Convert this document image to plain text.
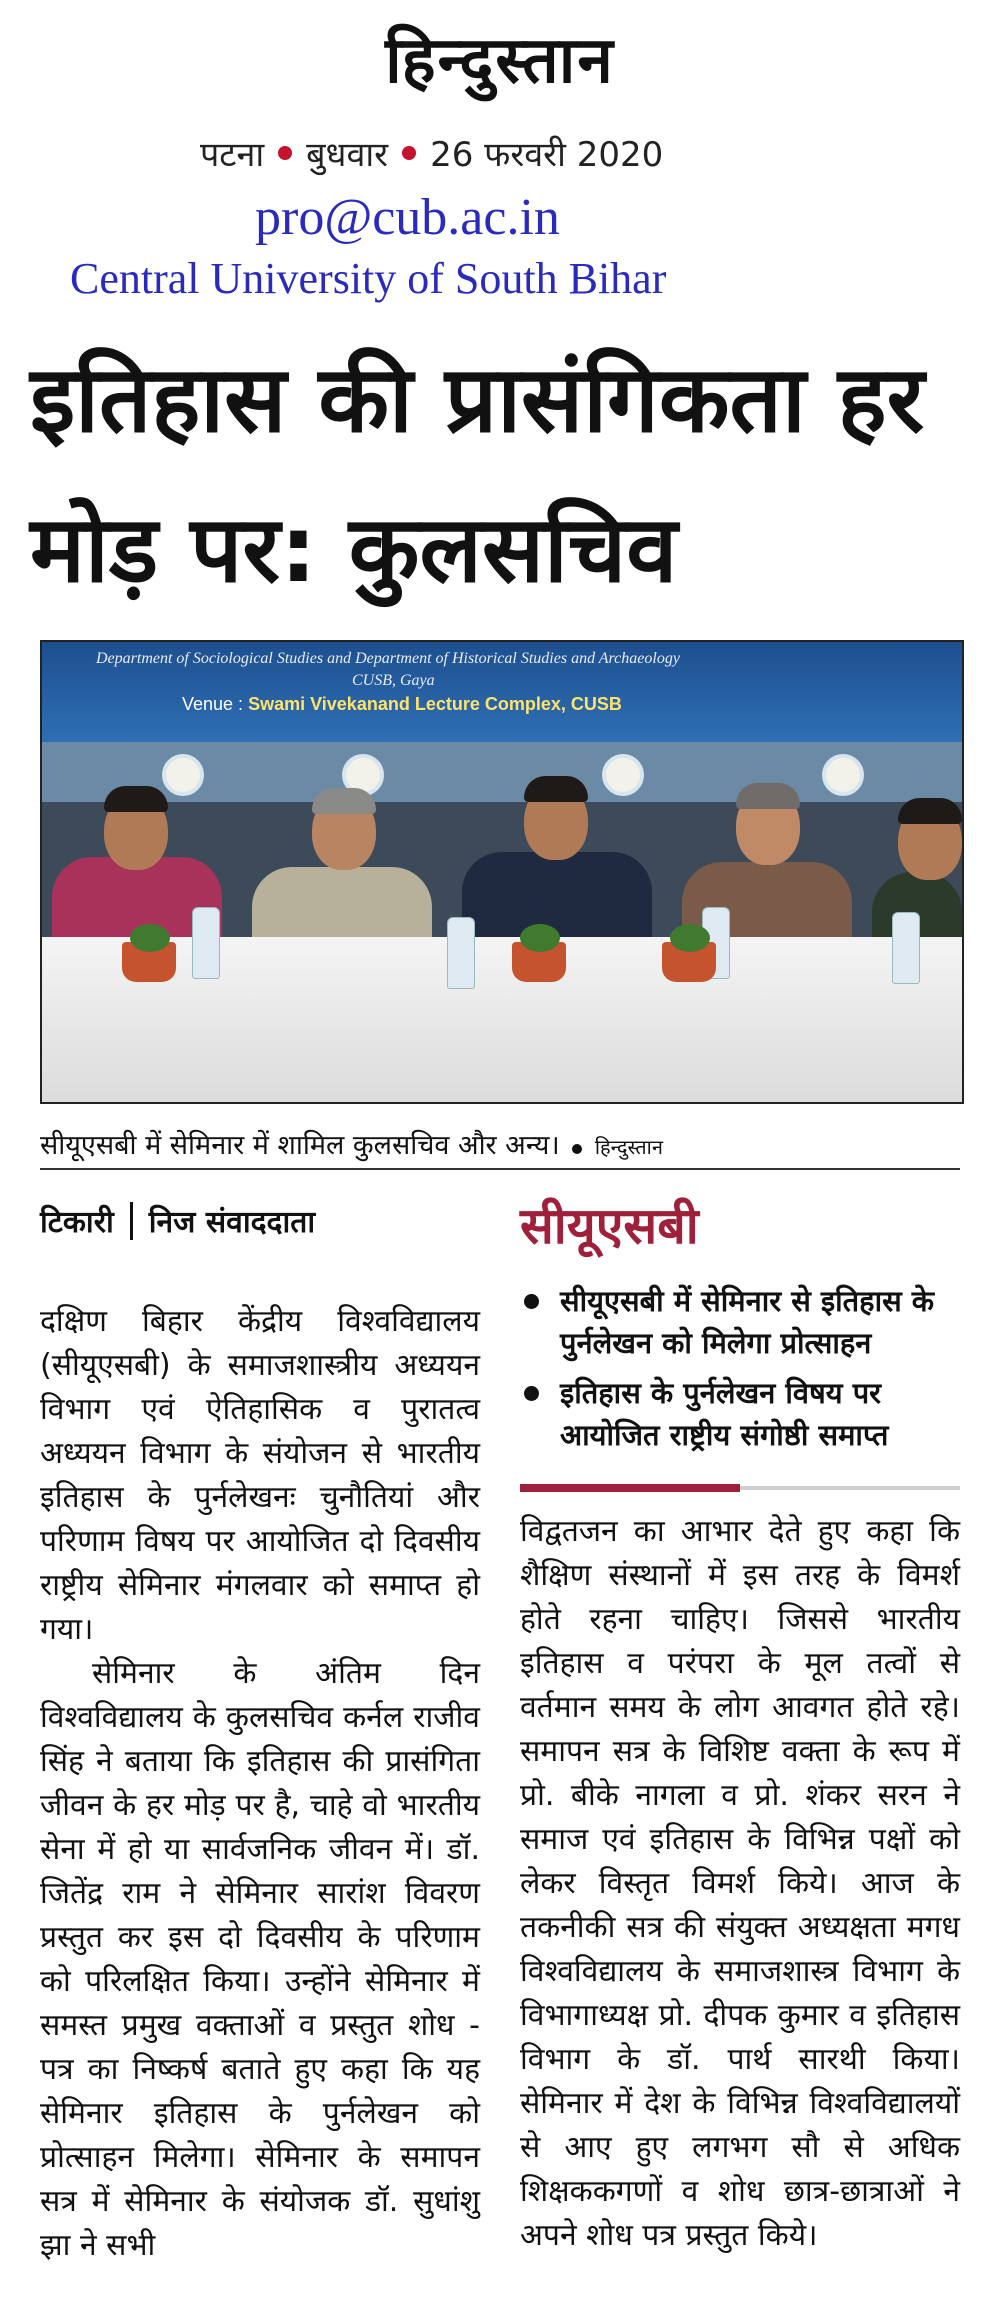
हिन्दुस्तान
पटना बुधवार 26 फरवरी 2020
pro@cub.ac.in
Central University of South Bihar
इतिहास की प्रासंगिकता हर मोड़ पर: कुलसचिव
Department of Sociological Studies and Department of Historical Studies and Archaeology
CUSB, Gaya
Venue : Swami Vivekanand Lecture Complex, CUSB
सीयूएसबी में सेमिनार में शामिल कुलसचिव और अन्य। हिन्दुस्तान
टिकारी निज संवाददाता	सीयूएसबी
सीयूएसबी में सेमिनार से इतिहास के पुर्नलेखन को मिलेगा प्रोत्साहन
इतिहास के पुर्नलेखन विषय पर आयोजित राष्ट्रीय संगोष्ठी समाप्त

दक्षिण बिहार केंद्रीय विश्वविद्यालय (सीयूएसबी) के समाजशास्त्रीय अध्ययन विभाग एवं ऐतिहासिक व पुरातत्व अध्ययन विभाग के संयोजन से भारतीय इतिहास के पुर्नलेखनः चुनौतियां और परिणाम विषय पर आयोजित दो दिवसीय राष्ट्रीय सेमिनार मंगलवार को समाप्त हो गया।

सेमिनार के अंतिम दिन विश्वविद्यालय के कुलसचिव कर्नल राजीव सिंह ने बताया कि इतिहास की प्रासंगिता जीवन के हर मोड़ पर है, चाहे वो भारतीय सेना में हो या सार्वजनिक जीवन में। डॉ. जितेंद्र राम ने सेमिनार सारांश विवरण प्रस्तुत कर इस दो दिवसीय के परिणाम को परिलक्षित किया। उन्होंने सेमिनार में समस्त प्रमुख वक्ताओं व प्रस्तुत शोध - पत्र का निष्कर्ष बताते हुए कहा कि यह सेमिनार इतिहास के पुर्नलेखन को प्रोत्साहन मिलेगा। सेमिनार के समापन सत्र में सेमिनार के संयोजक डॉ. सुधांशु झा ने सभी

विद्वतजन का आभार देते हुए कहा कि शैक्षिण संस्थानों में इस तरह के विमर्श होते रहना चाहिए। जिससे भारतीय इतिहास व परंपरा के मूल तत्वों से वर्तमान समय के लोग आवगत होते रहे। समापन सत्र के विशिष्ट वक्ता के रूप में प्रो. बीके नागला व प्रो. शंकर सरन ने समाज एवं इतिहास के विभिन्न पक्षों को लेकर विस्तृत विमर्श किये। आज के तकनीकी सत्र की संयुक्त अध्यक्षता मगध विश्वविद्यालय के समाजशास्त्र विभाग के विभागाध्यक्ष प्रो. दीपक कुमार व इतिहास विभाग के डॉ. पार्थ सारथी किया। सेमिनार में देश के विभिन्न विश्वविद्यालयों से आए हुए लगभग सौ से अधिक शिक्षककगणों व शोध छात्र-छात्राओं ने अपने शोध पत्र प्रस्तुत किये।
